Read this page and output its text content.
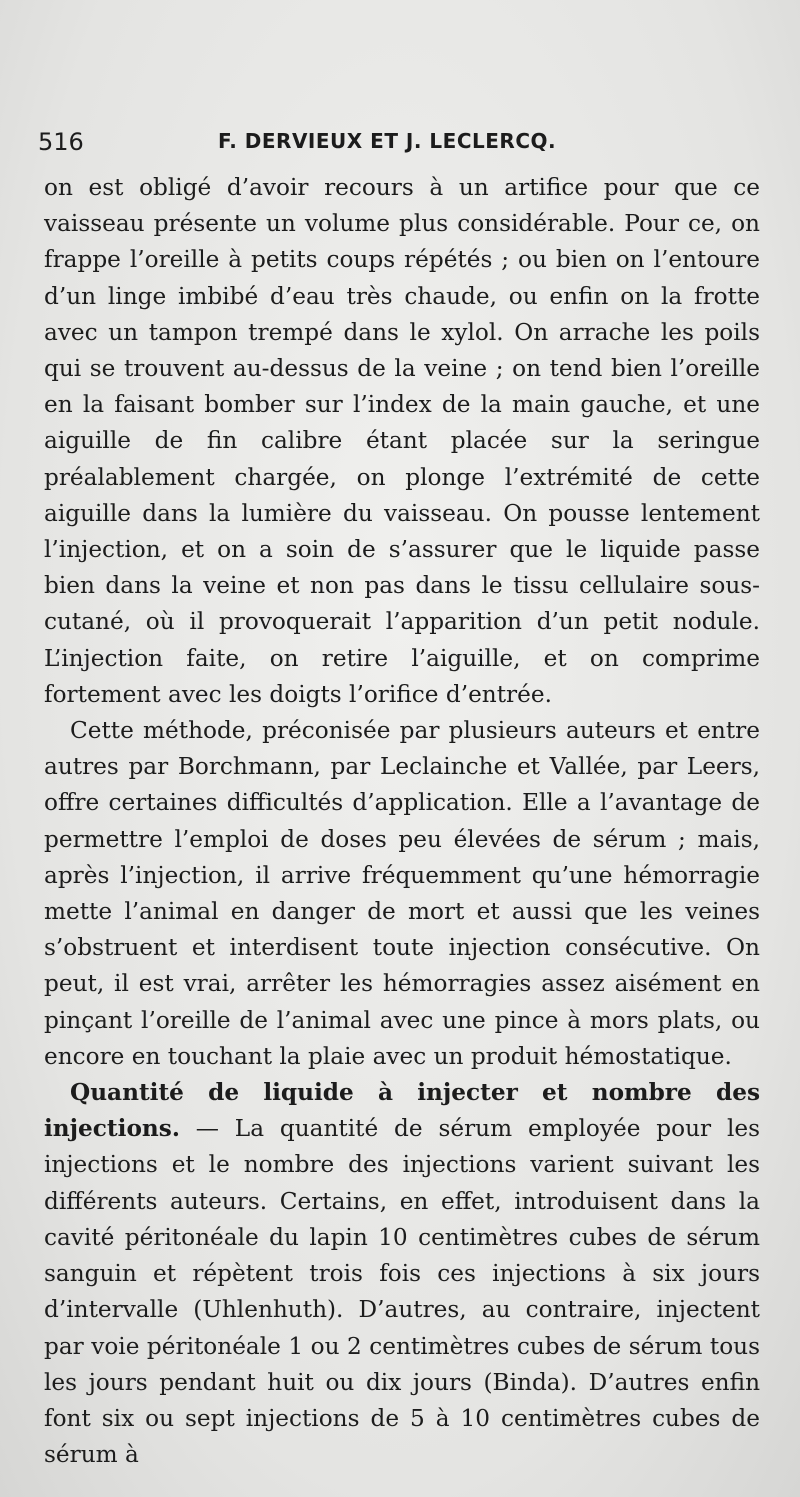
516	F. DERVIEUX ET J. LECLERCQ.

on est obligé d’avoir recours à un artifice pour que ce vaisseau présente un volume plus considérable. Pour ce, on frappe l’oreille à petits coups répétés ; ou bien on l’entoure d’un linge imbibé d’eau très chaude, ou enfin on la frotte avec un tampon trempé dans le xylol. On arrache les poils qui se trouvent au-dessus de la veine ; on tend bien l’oreille en la faisant bomber sur l’index de la main gauche, et une aiguille de fin calibre étant placée sur la seringue préalablement chargée, on plonge l’extrémité de cette aiguille dans la lumière du vaisseau. On pousse lentement l’injection, et on a soin de s’assurer que le liquide passe bien dans la veine et non pas dans le tissu cellulaire sous-cutané, où il provoquerait l’apparition d’un petit nodule. L’injection faite, on retire l’aiguille, et on comprime fortement avec les doigts l’orifice d’entrée.

Cette méthode, préconisée par plusieurs auteurs et entre autres par Borchmann, par Leclainche et Vallée, par Leers, offre certaines difficultés d’application. Elle a l’avantage de permettre l’emploi de doses peu élevées de sérum ; mais, après l’injection, il arrive fréquemment qu’une hémorragie mette l’animal en danger de mort et aussi que les veines s’obstruent et interdisent toute injection consécutive. On peut, il est vrai, arrêter les hémorragies assez aisément en pinçant l’oreille de l’animal avec une pince à mors plats, ou encore en touchant la plaie avec un produit hémostatique.

Quantité de liquide à injecter et nombre des injections. — La quantité de sérum employée pour les injections et le nombre des injections varient suivant les différents auteurs. Certains, en effet, introduisent dans la cavité péritonéale du lapin 10 centimètres cubes de sérum sanguin et répètent trois fois ces injections à six jours d’intervalle (Uhlenhuth). D’autres, au contraire, injectent par voie péritonéale 1 ou 2 centimètres cubes de sérum tous les jours pendant huit ou dix jours (Binda). D’autres enfin font six ou sept injections de 5 à 10 centimètres cubes de sérum à
